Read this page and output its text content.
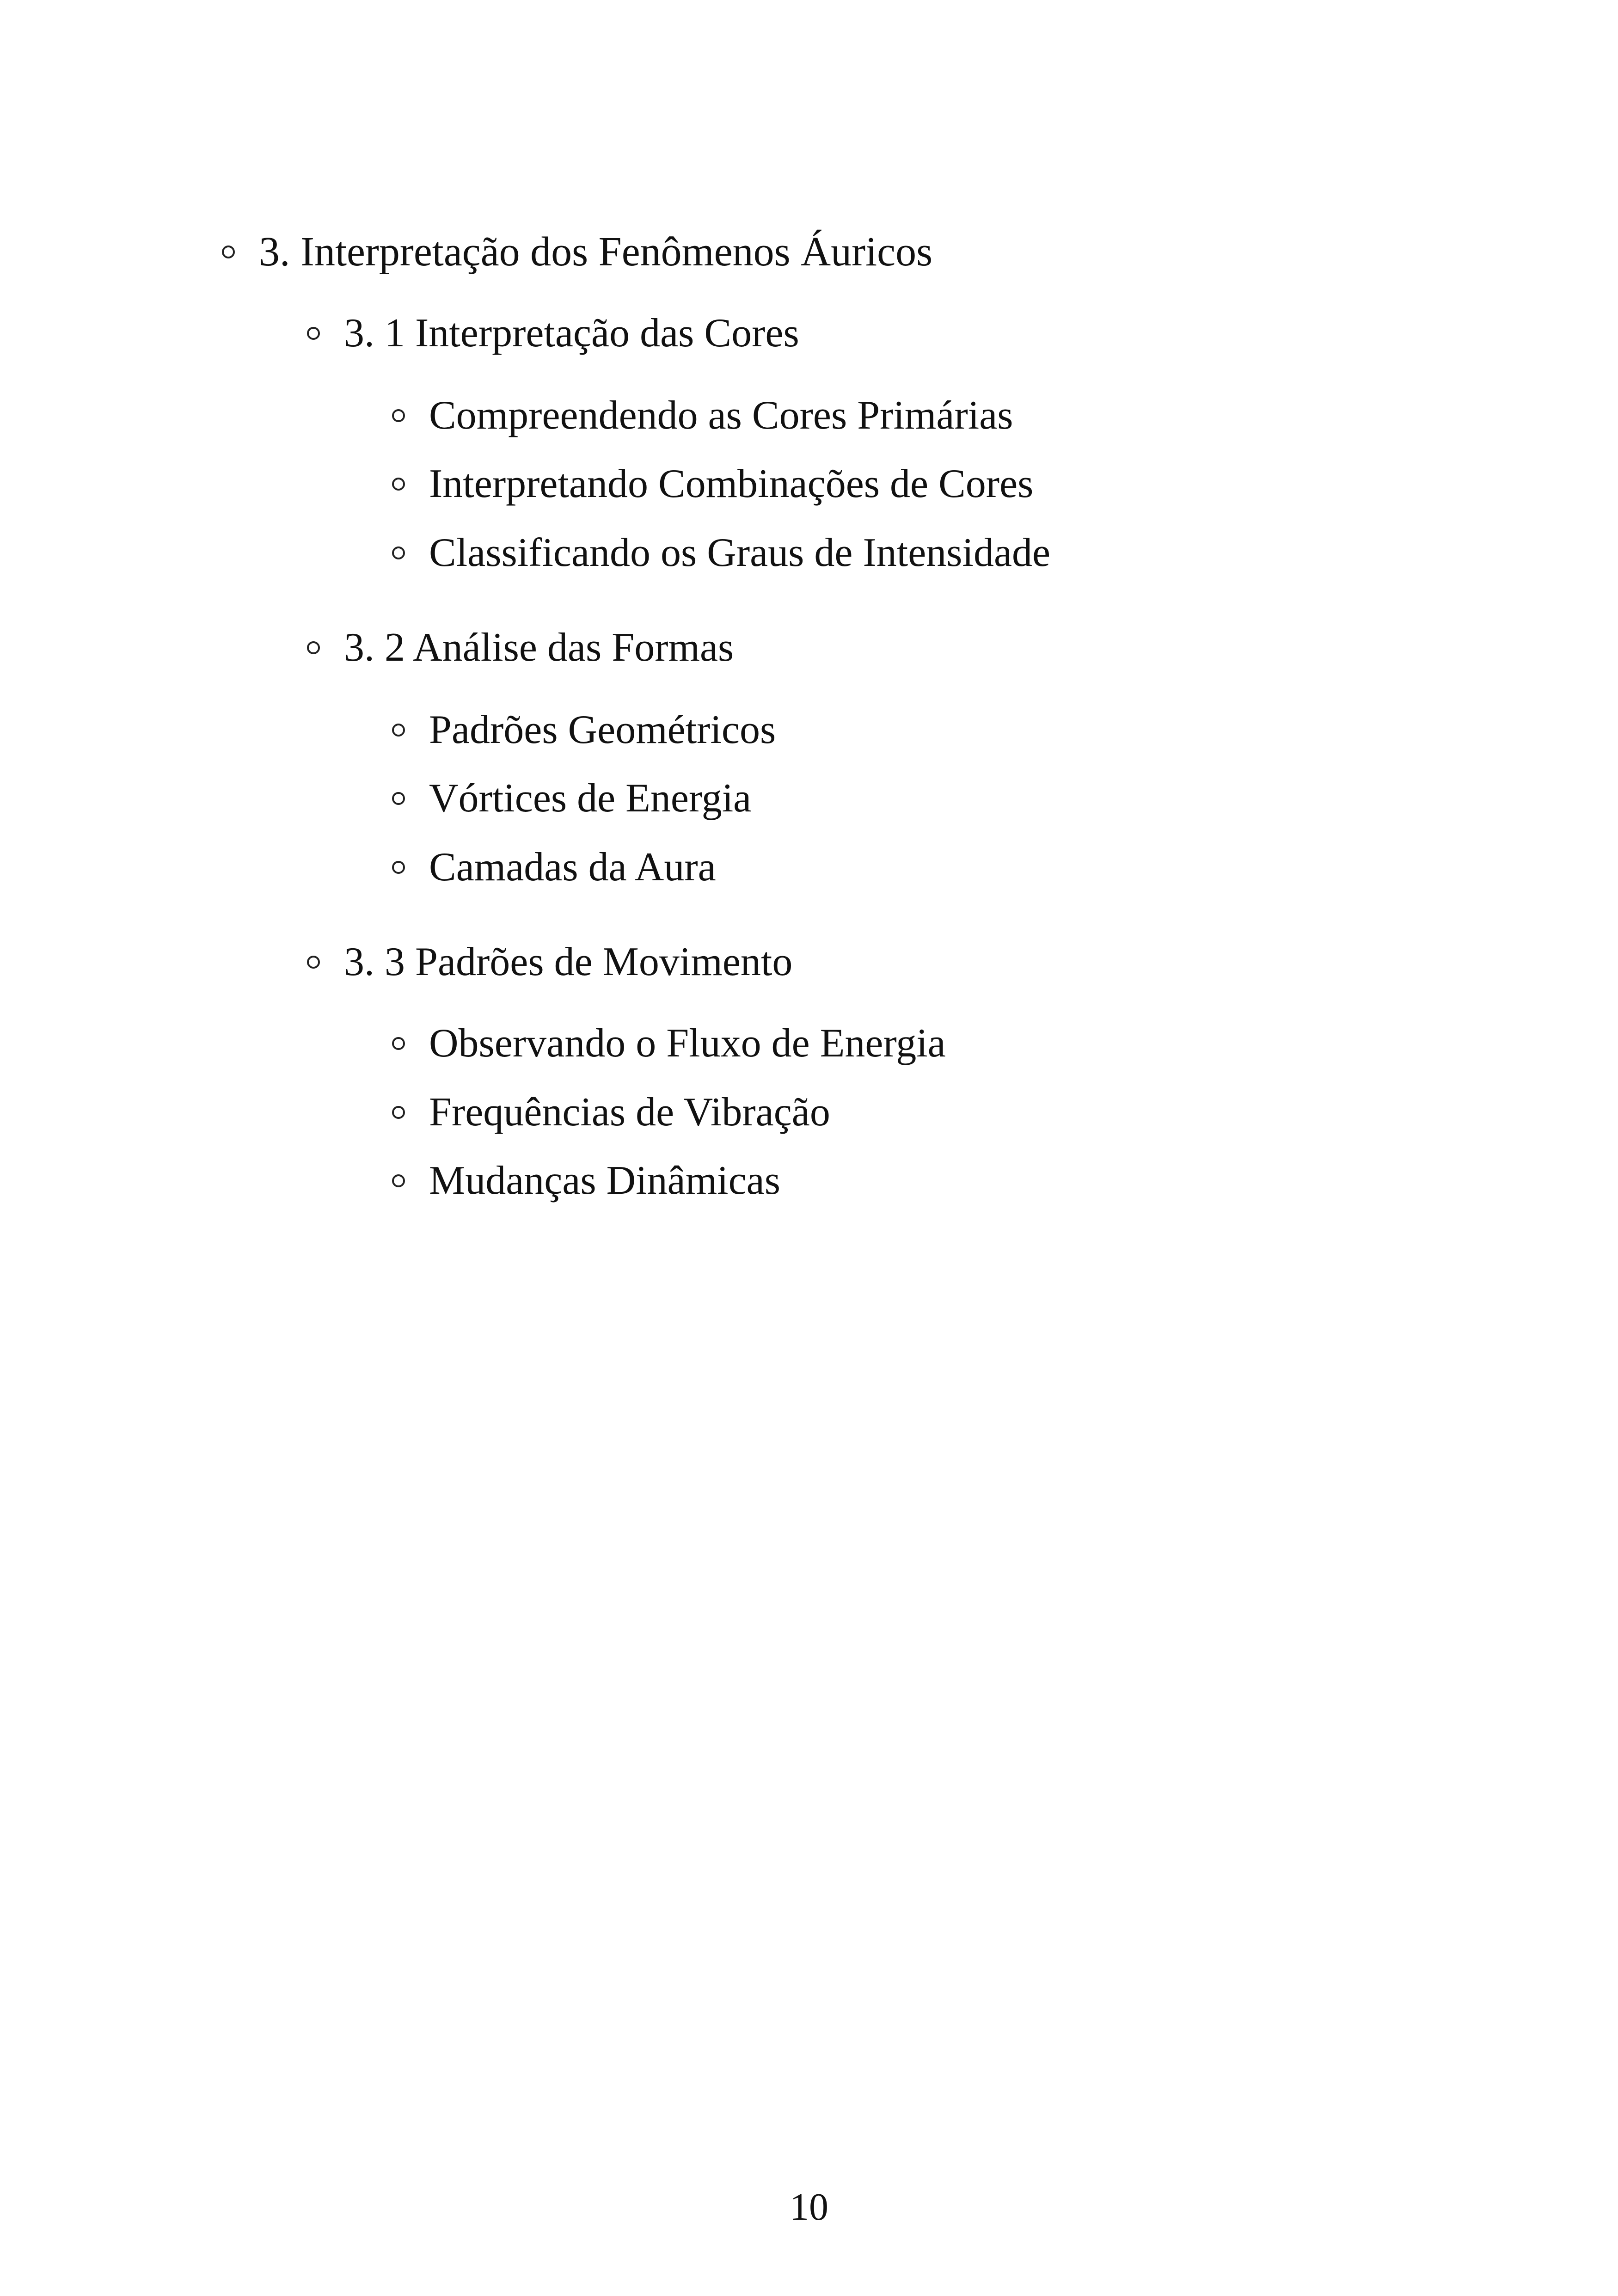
3. Interpretação dos Fenômenos Áuricos
3. 1 Interpretação das Cores
Compreendendo as Cores Primárias
Interpretando Combinações de Cores
Classificando os Graus de Intensidade
3. 2 Análise das Formas
Padrões Geométricos
Vórtices de Energia
Camadas da Aura
3. 3 Padrões de Movimento
Observando o Fluxo de Energia
Frequências de Vibração
Mudanças Dinâmicas
10
